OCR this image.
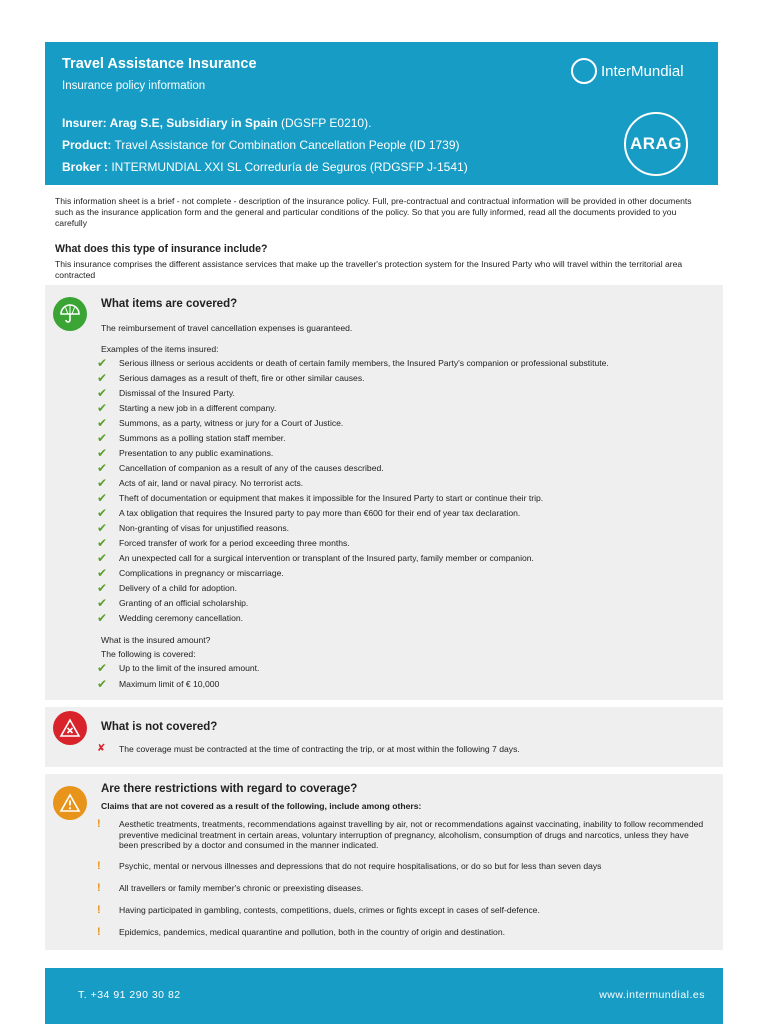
Travel Assistance Insurance
Insurance policy information
Insurer: Arag S.E, Subsidiary in Spain (DGSFP E0210).
Product: Travel Assistance for Combination Cancellation People (ID 1739)
Broker : INTERMUNDIAL XXI SL Correduría de Seguros (RDGSFP J-1541)
InterMundial
ARAG
This information sheet is a brief - not complete - description of the insurance policy. Full, pre-contractual and contractual information will be provided in other documents such as the insurance application form and the general and particular conditions of the policy. So that you are fully informed, read all the documents provided to you carefully
What does this type of insurance include?
This insurance comprises the different assistance services that make up the traveller's protection system for the Insured Party who will travel within the territorial area contracted
What items are covered?
The reimbursement of travel cancellation expenses is guaranteed.
Examples of the items insured:
✔	Serious illness or serious accidents or death of certain family members, the Insured Party's companion or professional substitute.
✔	Serious damages as a result of theft, fire or other similar causes.
✔	Dismissal of the Insured Party.
✔	Starting a new job in a different company.
✔	Summons, as a party, witness or jury for a Court of Justice.
✔	Summons as a polling station staff member.
✔	Presentation to any public examinations.
✔	Cancellation of companion as a result of any of the causes described.
✔	Acts of air, land or naval piracy. No terrorist acts.
✔	Theft of documentation or equipment that makes it impossible for the Insured Party to start or continue their trip.
✔	A tax obligation that requires the Insured party to pay more than €600 for their end of year tax declaration.
✔	Non-granting of visas for unjustified reasons.
✔	Forced transfer of work for a period exceeding three months.
✔	An unexpected call for a surgical intervention or transplant of the Insured party, family member or companion.
✔	Complications in pregnancy or miscarriage.
✔	Delivery of a child for adoption.
✔	Granting of an official scholarship.
✔	Wedding ceremony cancellation.
What is the insured amount?
The following is covered:
✔	Up to the limit of the insured amount.
✔	Maximum limit of € 10,000
What is not covered?
✘	The coverage must be contracted at the time of contracting the trip, or at most within the following 7 days.
Are there restrictions with regard to coverage?
Claims that are not covered as a result of the following, include among others:
!	Aesthetic treatments, treatments, recommendations against travelling by air, not or recommendations against vaccinating, inability to follow recommended preventive medicinal treatment in certain areas, voluntary interruption of pregnancy, alcoholism, consumption of drugs and narcotics, unless they have been prescribed by a doctor and consumed in the manner indicated.
!	Psychic, mental or nervous illnesses and depressions that do not require hospitalisations, or do so but for less than seven days
!	All travellers or family member's chronic or preexisting diseases.
!	Having participated in gambling, contests, competitions, duels, crimes or fights except in cases of self-defence.
!	Epidemics, pandemics, medical quarantine and pollution, both in the country of origin and destination.
T. +34 91 290 30 82	www.intermundial.es
